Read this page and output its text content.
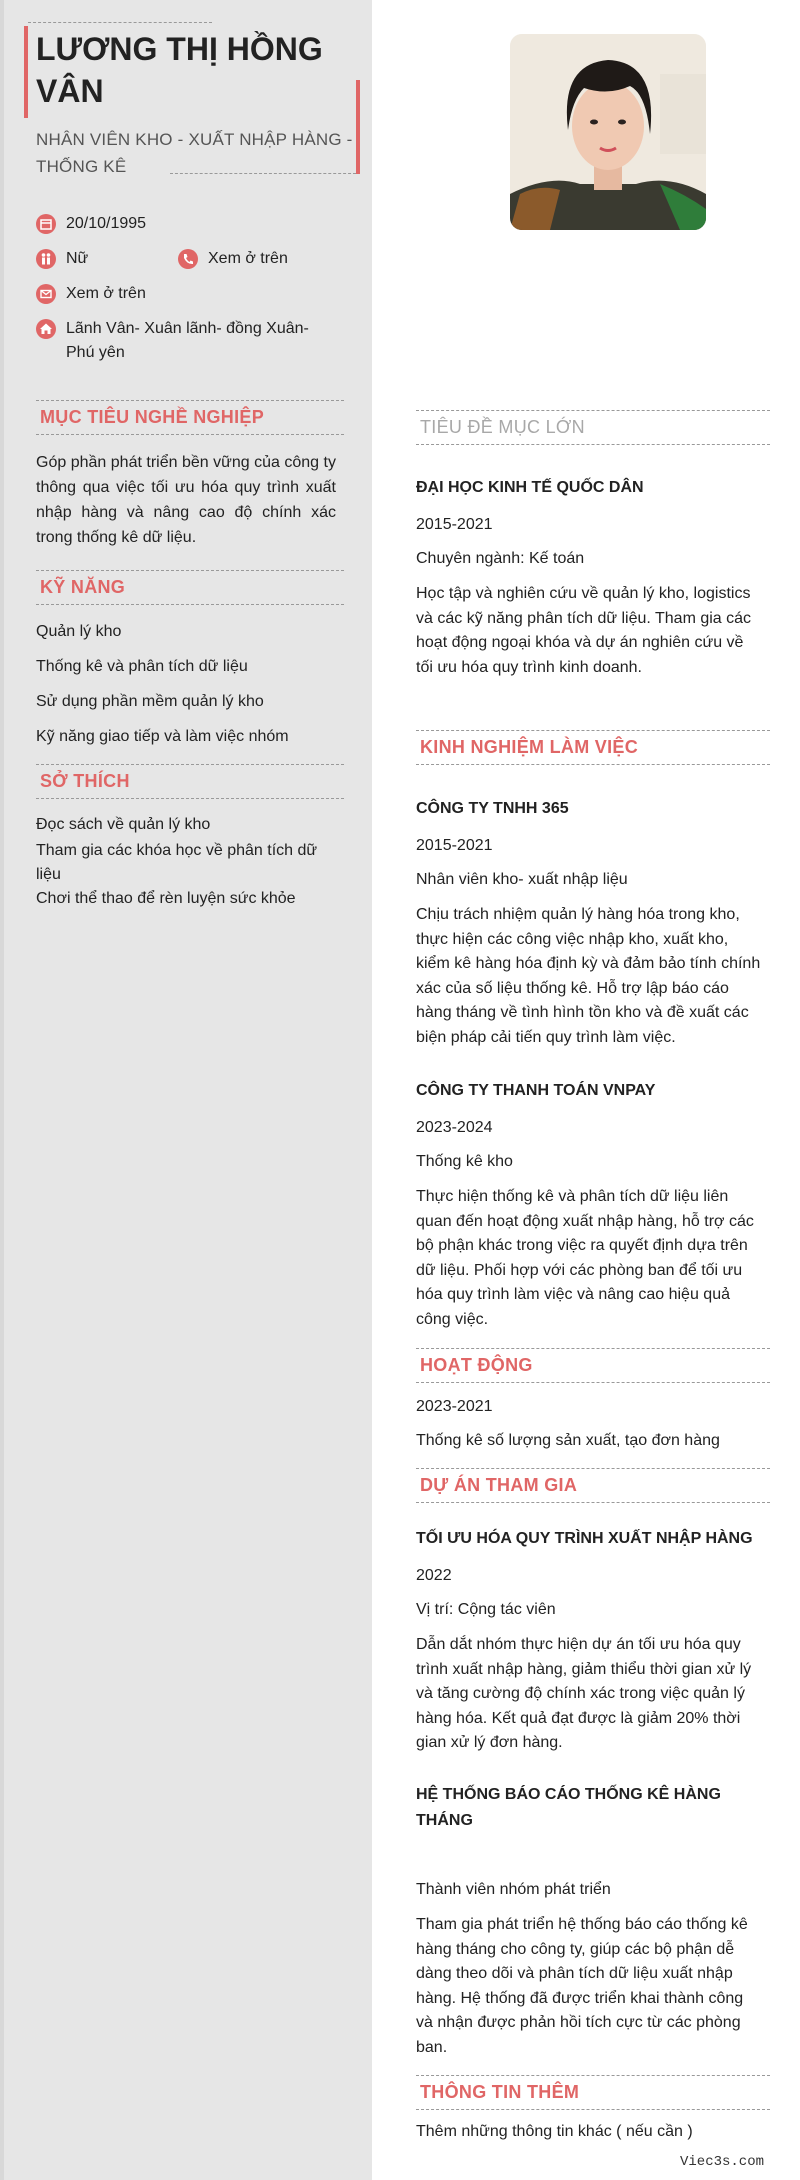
LƯƠNG THỊ HỒNG VÂN
NHÂN VIÊN KHO - XUẤT NHẬP HÀNG - THỐNG KÊ
20/10/1995
Nữ	Xem ở trên
Xem ở trên
Lãnh Vân- Xuân lãnh- đồng Xuân- Phú yên
MỤC TIÊU NGHỀ NGHIỆP
Góp phần phát triển bền vững của công ty thông qua việc tối ưu hóa quy trình xuất nhập hàng và nâng cao độ chính xác trong thống kê dữ liệu.
KỸ NĂNG
Quản lý kho
Thống kê và phân tích dữ liệu
Sử dụng phần mềm quản lý kho
Kỹ năng giao tiếp và làm việc nhóm
SỞ THÍCH
Đọc sách về quản lý kho
Tham gia các khóa học về phân tích dữ liệu
Chơi thể thao để rèn luyện sức khỏe
TIÊU ĐỀ MỤC LỚN
ĐẠI HỌC KINH TẾ QUỐC DÂN
2015-2021
Chuyên ngành: Kế toán
Học tập và nghiên cứu về quản lý kho, logistics và các kỹ năng phân tích dữ liệu. Tham gia các hoạt động ngoại khóa và dự án nghiên cứu về tối ưu hóa quy trình kinh doanh.
KINH NGHIỆM LÀM VIỆC
CÔNG TY TNHH 365
2015-2021
Nhân viên kho- xuất nhập liệu
Chịu trách nhiệm quản lý hàng hóa trong kho, thực hiện các công việc nhập kho, xuất kho, kiểm kê hàng hóa định kỳ và đảm bảo tính chính xác của số liệu thống kê. Hỗ trợ lập báo cáo hàng tháng về tình hình tồn kho và đề xuất các biện pháp cải tiến quy trình làm việc.
CÔNG TY THANH TOÁN VNPAY
2023-2024
Thống kê kho
Thực hiện thống kê và phân tích dữ liệu liên quan đến hoạt động xuất nhập hàng, hỗ trợ các bộ phận khác trong việc ra quyết định dựa trên dữ liệu. Phối hợp với các phòng ban để tối ưu hóa quy trình làm việc và nâng cao hiệu quả công việc.
HOẠT ĐỘNG
2023-2021
Thống kê số lượng sản xuất, tạo đơn hàng
DỰ ÁN THAM GIA
TỐI ƯU HÓA QUY TRÌNH XUẤT NHẬP HÀNG
2022
Vị trí: Cộng tác viên
Dẫn dắt nhóm thực hiện dự án tối ưu hóa quy trình xuất nhập hàng, giảm thiểu thời gian xử lý và tăng cường độ chính xác trong việc quản lý hàng hóa. Kết quả đạt được là giảm 20% thời gian xử lý đơn hàng.
HỆ THỐNG BÁO CÁO THỐNG KÊ HÀNG THÁNG
Thành viên nhóm phát triển
Tham gia phát triển hệ thống báo cáo thống kê hàng tháng cho công ty, giúp các bộ phận dễ dàng theo dõi và phân tích dữ liệu xuất nhập hàng. Hệ thống đã được triển khai thành công và nhận được phản hồi tích cực từ các phòng ban.
THÔNG TIN THÊM
Thêm những thông tin khác ( nếu cần )
Viec3s.com
